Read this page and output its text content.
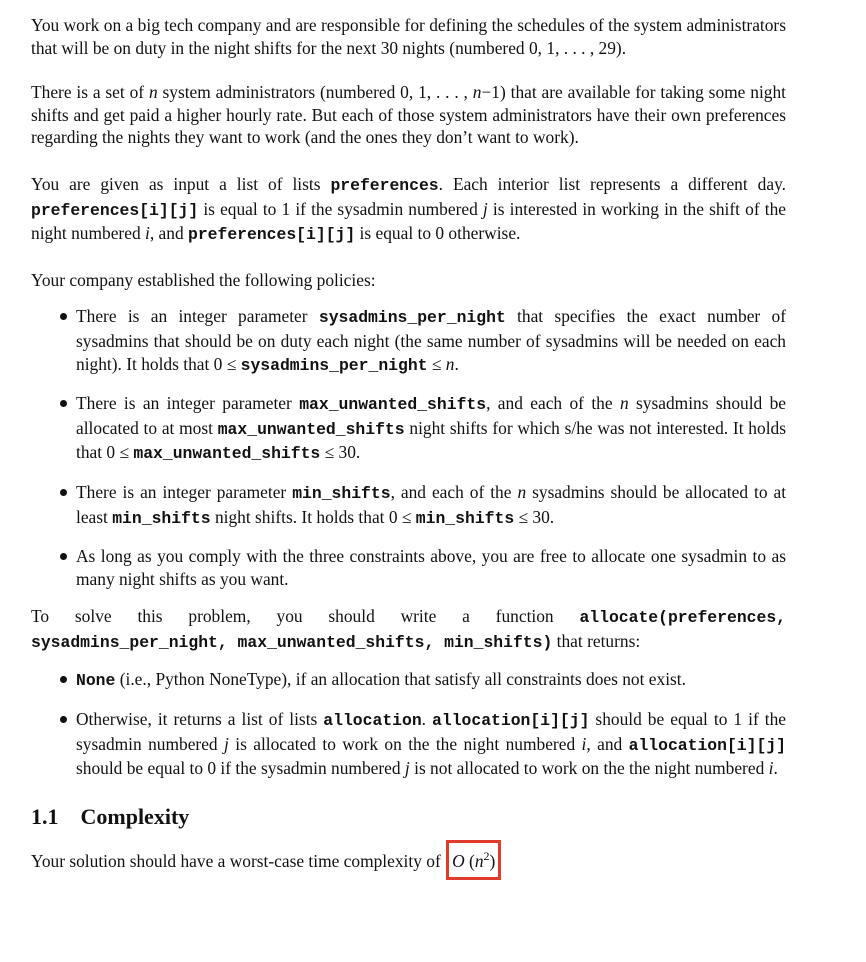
You work on a big tech company and are responsible for defining the schedules of the system administrators that will be on duty in the night shifts for the next 30 nights (numbered 0, 1, . . . , 29).

There is a set of n system administrators (numbered 0, 1, . . . , n−1) that are available for taking some night shifts and get paid a higher hourly rate. But each of those system administrators have their own preferences regarding the nights they want to work (and the ones they don’t want to work).

You are given as input a list of lists preferences. Each interior list represents a different day. preferences[i][j] is equal to 1 if the sysadmin numbered j is interested in working in the shift of the night numbered i, and preferences[i][j] is equal to 0 otherwise.

Your company established the following policies:

There is an integer parameter sysadmins_per_night that specifies the exact number of sysadmins that should be on duty each night (the same number of sysadmins will be needed on each night). It holds that 0 ≤ sysadmins_per_night ≤ n.
There is an integer parameter max_unwanted_shifts, and each of the n sysadmins should be allocated to at most max_unwanted_shifts night shifts for which s/he was not interested. It holds that 0 ≤ max_unwanted_shifts ≤ 30.
There is an integer parameter min_shifts, and each of the n sysadmins should be allocated to at least min_shifts night shifts. It holds that 0 ≤ min_shifts ≤ 30.
As long as you comply with the three constraints above, you are free to allocate one sysadmin to as many night shifts as you want.

To solve this problem, you should write a function allocate(preferences, sysadmins_per_night, max_unwanted_shifts, min_shifts) that returns:

None (i.e., Python NoneType), if an allocation that satisfy all constraints does not exist.
Otherwise, it returns a list of lists allocation. allocation[i][j] should be equal to 1 if the sysadmin numbered j is allocated to work on the the night numbered i, and allocation[i][j] should be equal to 0 if the sysadmin numbered j is not allocated to work on the the night numbered i.
1.1 Complexity
Your solution should have a worst-case time complexity of O $(n^2)$
